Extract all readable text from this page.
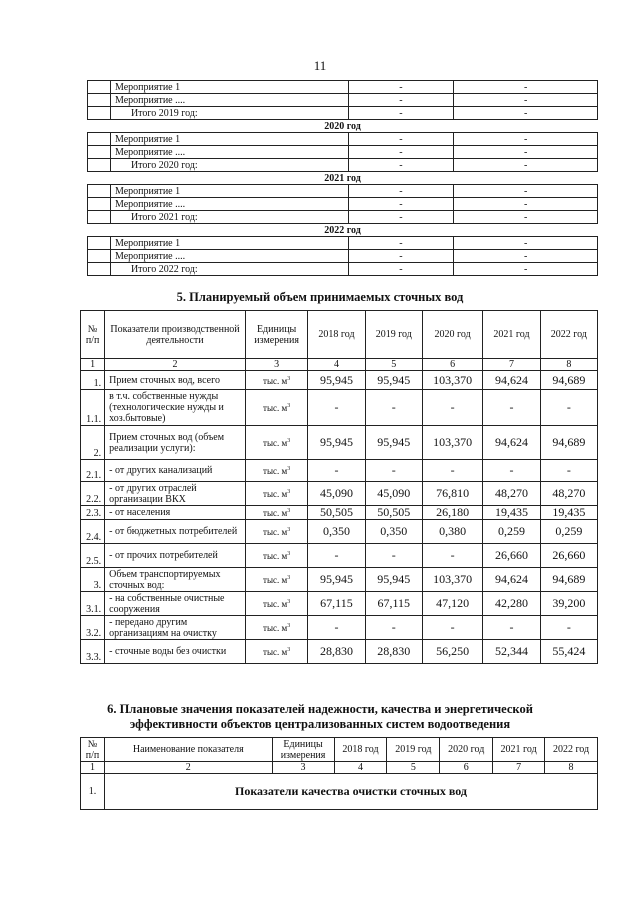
11
	Мероприятие 1	-	-
	Мероприятие ....	-	-
	Итого 2019 год:	-	-
2020 год			
	Мероприятие 1	-	-
	Мероприятие ....	-	-
	Итого 2020 год:	-	-
2021 год			
	Мероприятие 1	-	-
	Мероприятие ....	-	-
	Итого 2021 год:	-	-
2022 год			
	Мероприятие 1	-	-
	Мероприятие ....	-	-
	Итого 2022 год:	-	-
5. Планируемый объем принимаемых сточных вод
№ п/п	Показатели производственной деятельности	Единицы измерения	2018 год	2019 год	2020 год	2021 год	2022 год
1	2	3	4	5	6	7	8
1.	Прием сточных вод, всего	тыс. $м^3$	95,945	95,945	103,370	94,624	94,689
1.1.	в т.ч. собственные нужды (технологические нужды и хоз.бытовые)	тыс. $м^3$	-	-	-	-	-
2.	Прием сточных вод (объем реализации услуги):	тыс. $м^3$	95,945	95,945	103,370	94,624	94,689
2.1.	- от других канализаций	тыс. $м^3$	-	-	-	-	-
2.2.	- от других отраслей организации ВКХ	тыс. $м^3$	45,090	45,090	76,810	48,270	48,270
2.3.	- от населения	тыс. $м^3$	50,505	50,505	26,180	19,435	19,435
2.4.	- от бюджетных потребителей	тыс. $м^3$	0,350	0,350	0,380	0,259	0,259
2.5.	- от прочих потребителей	тыс. $м^3$	-	-	-	26,660	26,660
3.	Объем транспортируемых сточных вод:	тыс. $м^3$	95,945	95,945	103,370	94,624	94,689
3.1.	- на собственные очистные сооружения	тыс. $м^3$	67,115	67,115	47,120	42,280	39,200
3.2.	- передано другим организациям на очистку	тыс. $м^3$	-	-	-	-	-
3.3.	- сточные воды без очистки	тыс. $м^3$	28,830	28,830	56,250	52,344	55,424
6. Плановые значения показателей надежности, качества и энергетической
эффективности объектов централизованных систем водоотведения
№ п/п	Наименование показателя	Единицы измерения	2018 год	2019 год	2020 год	2021 год	2022 год
1	2	3	4	5	6	7	8
1.	Показатели качества очистки сточных вод						
